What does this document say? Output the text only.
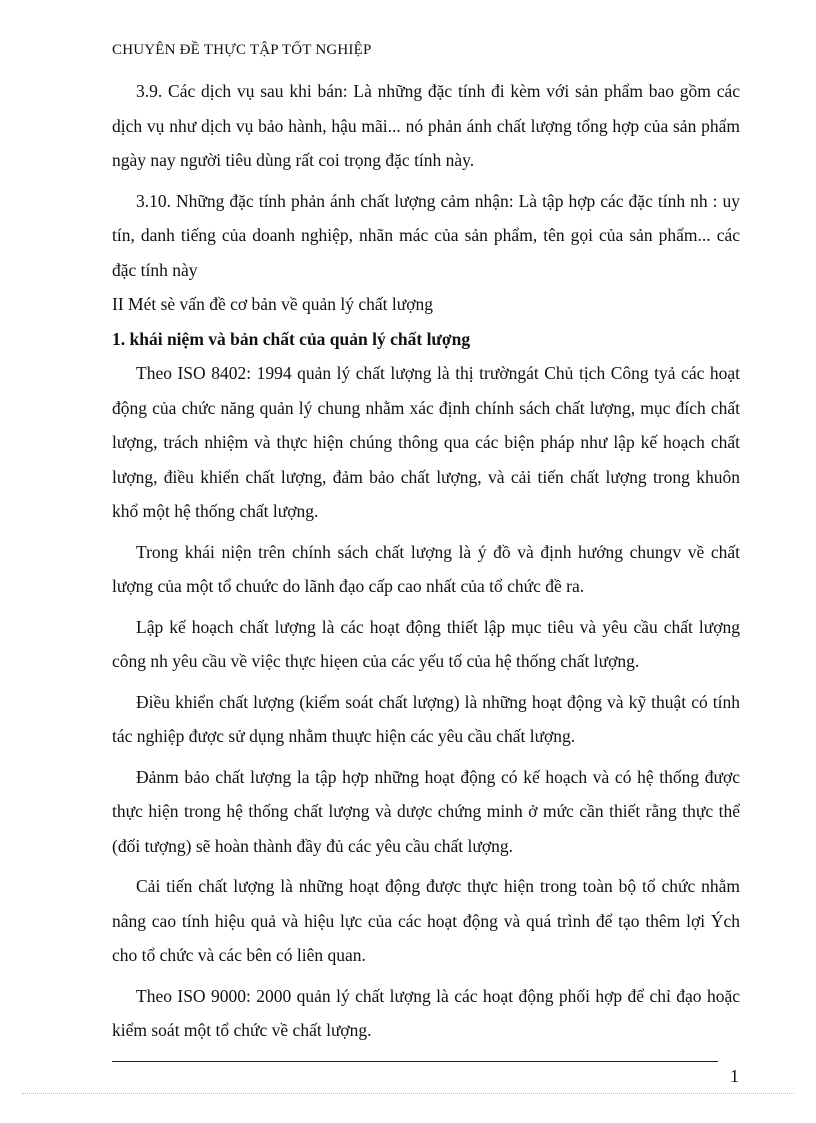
CHUYÊN ĐỀ THỰC TẬP TỐT NGHIỆP

3.9. Các dịch vụ sau khi bán: Là những đặc tính đi kèm với sản phẩm bao gồm các dịch vụ như dịch vụ bảo hành, hậu mãi... nó phản ánh chất lượng tổng hợp của sản phẩm ngày nay người tiêu dùng rất coi trọng đặc tính này.

3.10. Những đặc tính phản ánh chất lượng cảm nhận: Là tập hợp các đặc tính nh : uy tín, danh tiếng của doanh nghiệp, nhãn mác của sản phẩm, tên gọi của sản phẩm... các đặc tính này

II Mét sè vấn đề cơ bản về quản lý chất lượng

1. khái niệm và bản chất của quản lý chất lượng

Theo ISO 8402: 1994 quản lý chất lượng là thị trườngát Chủ tịch Công tyả các hoạt động của chức năng quản lý chung nhằm xác định chính sách chất lượng, mục đích chất lượng, trách nhiệm và thực hiện chúng thông qua các biện pháp như lập kế hoạch chất lượng, điều khiển chất lượng, đảm bảo chất lượng, và cải tiến chất lượng trong khuôn khổ một hệ thống chất lượng.

Trong khái niện trên chính sách chất lượng là ý đồ và định hướng chungv về chất lượng của một tổ chuức do lãnh đạo cấp cao nhất của tổ chức đề ra.

Lập kế hoạch chất lượng là các hoạt động thiết lập mục tiêu và yêu cầu chất lượng công nh yêu cầu về việc thực hiẹen của các yếu tố của hệ thống chất lượng.

Điều khiển chất lượng (kiểm soát chất lượng) là những hoạt động và kỹ thuật có tính tác nghiệp được sử dụng nhằm thuực hiện các yêu cầu chất lượng.

Đảnm bảo chất lượng la tập hợp những hoạt động có kế hoạch và có hệ thống được thực hiện trong hệ thống chất lượng và dược chứng minh ở mức cần thiết rằng thực thể (đối tượng) sẽ hoàn thành đầy đủ các yêu cầu chất lượng.

Cải tiến chất lượng là những hoạt động được thực hiện trong toàn bộ tổ chức nhằm nâng cao tính hiệu quả và hiệu lực của các hoạt động và quá trình để tạo thêm lợi Ých cho tổ chức và các bên có liên quan.

Theo ISO 9000: 2000 quản lý chất lượng là các hoạt động phối hợp để chỉ đạo hoặc kiểm soát một tổ chức về chất lượng.

1
